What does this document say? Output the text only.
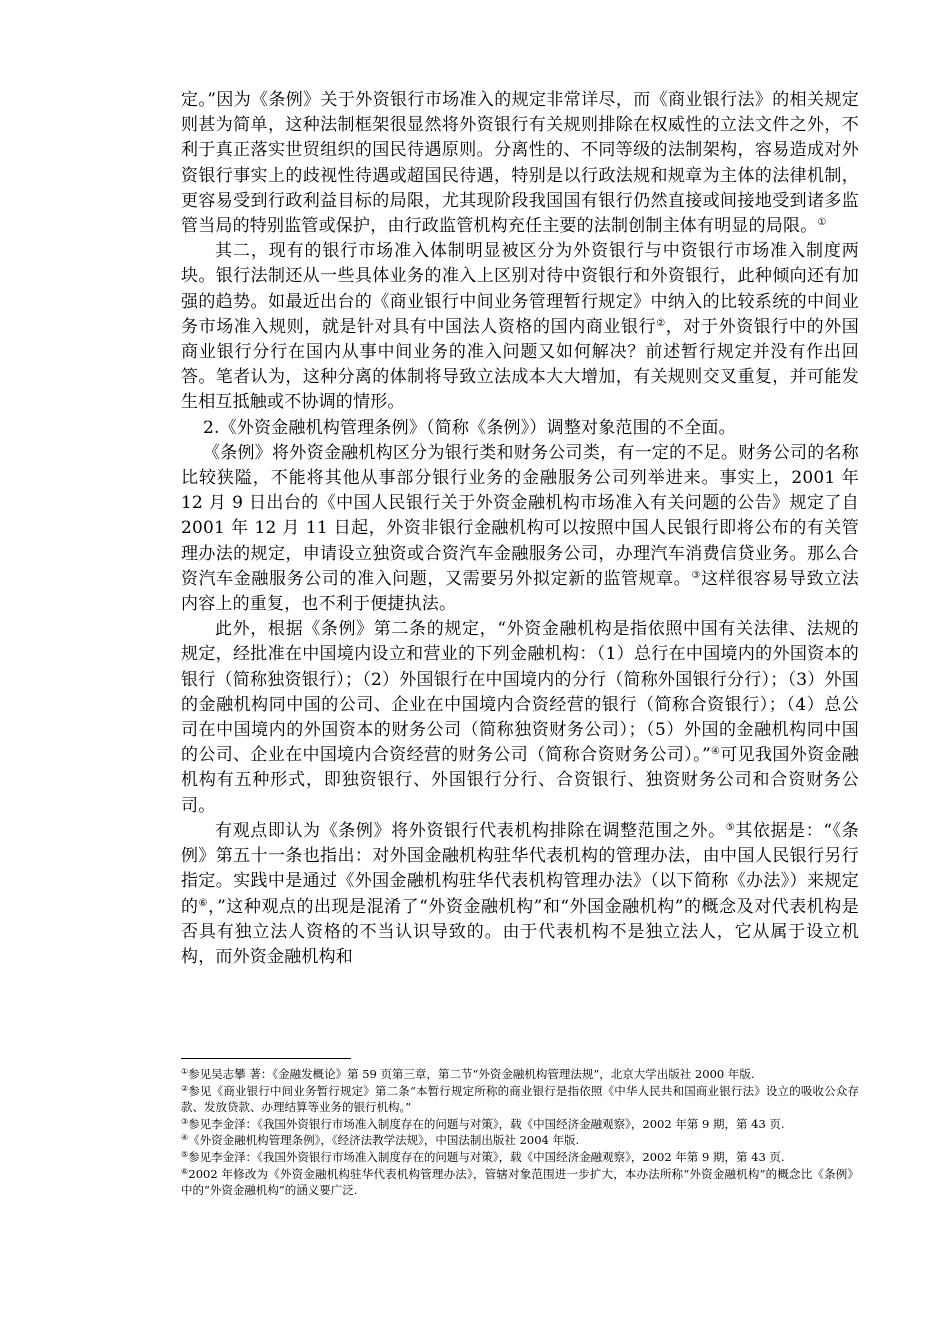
定。”因为《条例》关于外资银行市场准入的规定非常详尽，而《商业银行法》的相关规定则甚为简单，这种法制框架很显然将外资银行有关规则排除在权威性的立法文件之外，不利于真正落实世贸组织的国民待遇原则。分离性的、不同等级的法制架构，容易造成对外资银行事实上的歧视性待遇或超国民待遇，特别是以行政法规和规章为主体的法律机制，更容易受到行政利益目标的局限，尤其现阶段我国国有银行仍然直接或间接地受到诸多监管当局的特别监管或保护，由行政监管机构充任主要的法制创制主体有明显的局限。①

其二，现有的银行市场准入体制明显被区分为外资银行与中资银行市场准入制度两块。银行法制还从一些具体业务的准入上区别对待中资银行和外资银行，此种倾向还有加强的趋势。如最近出台的《商业银行中间业务管理暂行规定》中纳入的比较系统的中间业务市场准入规则，就是针对具有中国法人资格的国内商业银行②，对于外资银行中的外国商业银行分行在国内从事中间业务的准入问题又如何解决？前述暂行规定并没有作出回答。笔者认为，这种分离的体制将导致立法成本大大增加，有关规则交叉重复，并可能发生相互抵触或不协调的情形。

2.《外资金融机构管理条例》（简称《条例》）调整对象范围的不全面。

《条例》将外资金融机构区分为银行类和财务公司类，有一定的不足。财务公司的名称比较狭隘，不能将其他从事部分银行业务的金融服务公司列举进来。事实上，2001 年 12 月 9 日出台的《中国人民银行关于外资金融机构市场准入有关问题的公告》规定了自 2001 年 12 月 11 日起，外资非银行金融机构可以按照中国人民银行即将公布的有关管理办法的规定，申请设立独资或合资汽车金融服务公司，办理汽车消费信贷业务。那么合资汽车金融服务公司的准入问题，又需要另外拟定新的监管规章。③这样很容易导致立法内容上的重复，也不利于便捷执法。

此外，根据《条例》第二条的规定，“外资金融机构是指依照中国有关法律、法规的规定，经批准在中国境内设立和营业的下列金融机构：（1）总行在中国境内的外国资本的银行（简称独资银行）；（2）外国银行在中国境内的分行（简称外国银行分行）；（3）外国的金融机构同中国的公司、企业在中国境内合资经营的银行（简称合资银行）；（4）总公司在中国境内的外国资本的财务公司（简称独资财务公司）；（5）外国的金融机构同中国的公司、企业在中国境内合资经营的财务公司（简称合资财务公司）。”④可见我国外资金融机构有五种形式，即独资银行、外国银行分行、合资银行、独资财务公司和合资财务公司。

有观点即认为《条例》将外资银行代表机构排除在调整范围之外。⑤其依据是：“《条例》第五十一条也指出：对外国金融机构驻华代表机构的管理办法，由中国人民银行另行指定。实践中是通过《外国金融机构驻华代表机构管理办法》（以下简称《办法》）来规定的⑥，”这种观点的出现是混淆了“外资金融机构”和“外国金融机构”的概念及对代表机构是否具有独立法人资格的不当认识导致的。由于代表机构不是独立法人，它从属于设立机构，而外资金融机构和

①参见吴志攀 著：《金融发概论》第 59 页第三章，第二节“外资金融机构管理法规”，北京大学出版社 2000 年版.

②参见《商业银行中间业务暂行规定》第二条“本暂行规定所称的商业银行是指依照《中华人民共和国商业银行法》设立的吸收公众存款、发放贷款、办理结算等业务的银行机构。”

③参见李金泽：《我国外资银行市场准入制度存在的问题与对策》，载《中国经济金融观察》，2002 年第 9 期，第 43 页.

④《外资金融机构管理条例》，《经济法教学法规》，中国法制出版社 2004 年版.

⑤参见李金泽：《我国外资银行市场准入制度存在的问题与对策》，载《中国经济金融观察》，2002 年第 9 期，第 43 页.

⑥2002 年修改为《外资金融机构驻华代表机构管理办法》，管辖对象范围进一步扩大，本办法所称“外资金融机构”的概念比《条例》中的“外资金融机构”的涵义要广泛.
